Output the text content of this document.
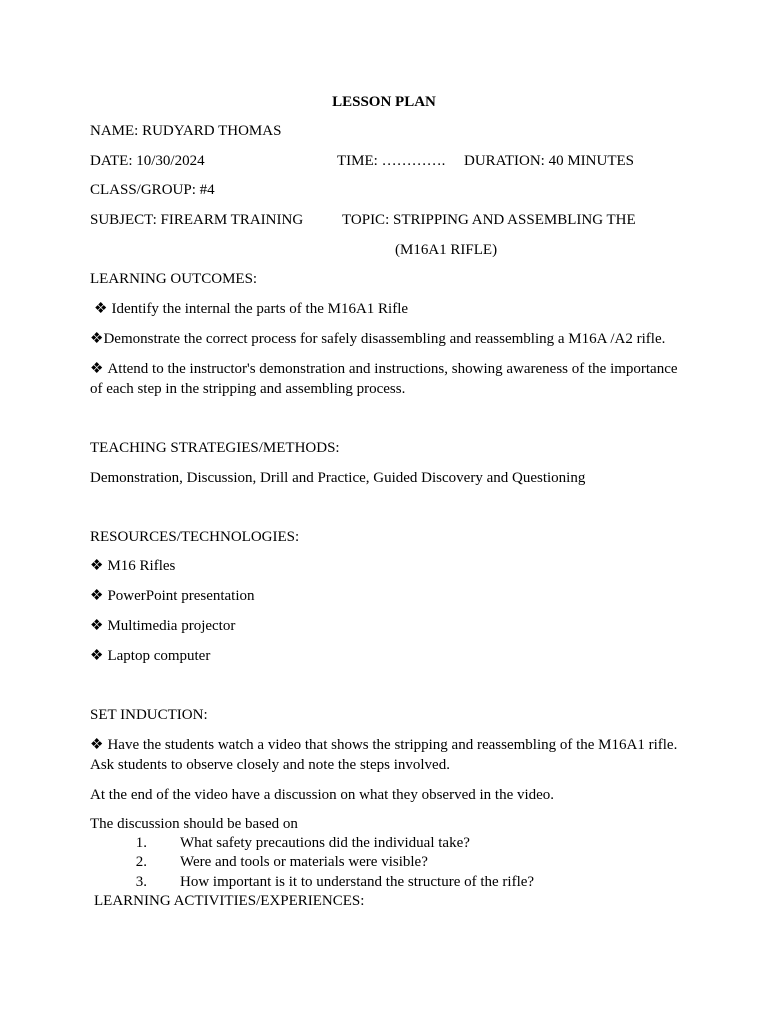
LESSON PLAN
NAME: RUDYARD THOMAS
DATE: 10/30/2024	TIME: …………. DURATION: 40 MINUTES
CLASS/GROUP: #4
SUBJECT: FIREARM TRAINING	TOPIC: STRIPPING AND ASSEMBLING THE
(M16A1 RIFLE)
LEARNING OUTCOMES:
❖ Identify the internal the parts of the M16A1 Rifle
❖Demonstrate the correct process for safely disassembling and reassembling a M16A /A2 rifle.
❖ Attend to the instructor's demonstration and instructions, showing awareness of the importance of each step in the stripping and assembling process.
TEACHING STRATEGIES/METHODS:
Demonstration, Discussion, Drill and Practice, Guided Discovery and Questioning
RESOURCES/TECHNOLOGIES:
❖ M16 Rifles
❖ PowerPoint presentation
❖ Multimedia projector
❖ Laptop computer
SET INDUCTION:
❖ Have the students watch a video that shows the stripping and reassembling of the M16A1 rifle. Ask students to observe closely and note the steps involved.
At the end of the video have a discussion on what they observed in the video.
The discussion should be based on
1. What safety precautions did the individual take?
2. Were and tools or materials were visible?
3. How important is it to understand the structure of the rifle?
LEARNING ACTIVITIES/EXPERIENCES:
